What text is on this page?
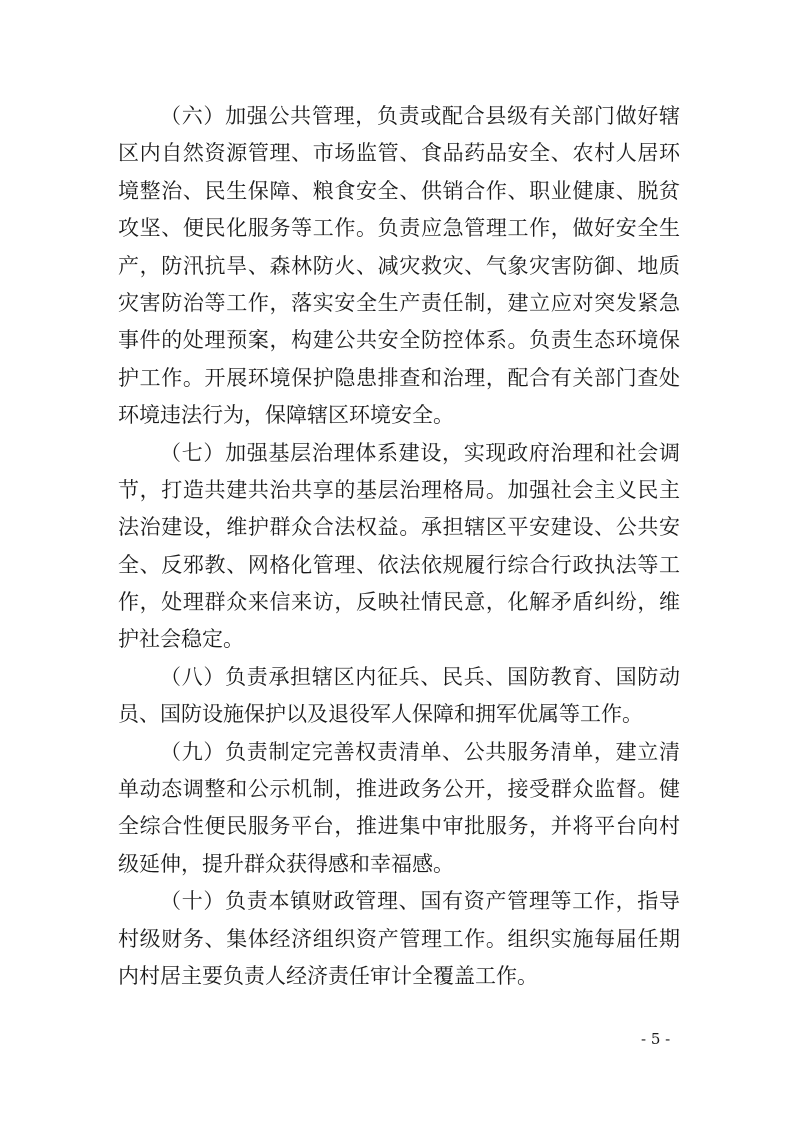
（六）加强公共管理，负责或配合县级有关部门做好辖
区内自然资源管理、市场监管、食品药品安全、农村人居环
境整治、民生保障、粮食安全、供销合作、职业健康、脱贫
攻坚、便民化服务等工作。负责应急管理工作，做好安全生
产，防汛抗旱、森林防火、减灾救灾、气象灾害防御、地质
灾害防治等工作，落实安全生产责任制，建立应对突发紧急
事件的处理预案，构建公共安全防控体系。负责生态环境保
护工作。开展环境保护隐患排查和治理，配合有关部门查处
环境违法行为，保障辖区环境安全。
（七）加强基层治理体系建设，实现政府治理和社会调
节，打造共建共治共享的基层治理格局。加强社会主义民主
法治建设，维护群众合法权益。承担辖区平安建设、公共安
全、反邪教、网格化管理、依法依规履行综合行政执法等工
作，处理群众来信来访，反映社情民意，化解矛盾纠纷，维
护社会稳定。
（八）负责承担辖区内征兵、民兵、国防教育、国防动
员、国防设施保护以及退役军人保障和拥军优属等工作。
（九）负责制定完善权责清单、公共服务清单，建立清
单动态调整和公示机制，推进政务公开，接受群众监督。健
全综合性便民服务平台，推进集中审批服务，并将平台向村
级延伸，提升群众获得感和幸福感。
（十）负责本镇财政管理、国有资产管理等工作，指导
村级财务、集体经济组织资产管理工作。组织实施每届任期
内村居主要负责人经济责任审计全覆盖工作。
- 5 -
